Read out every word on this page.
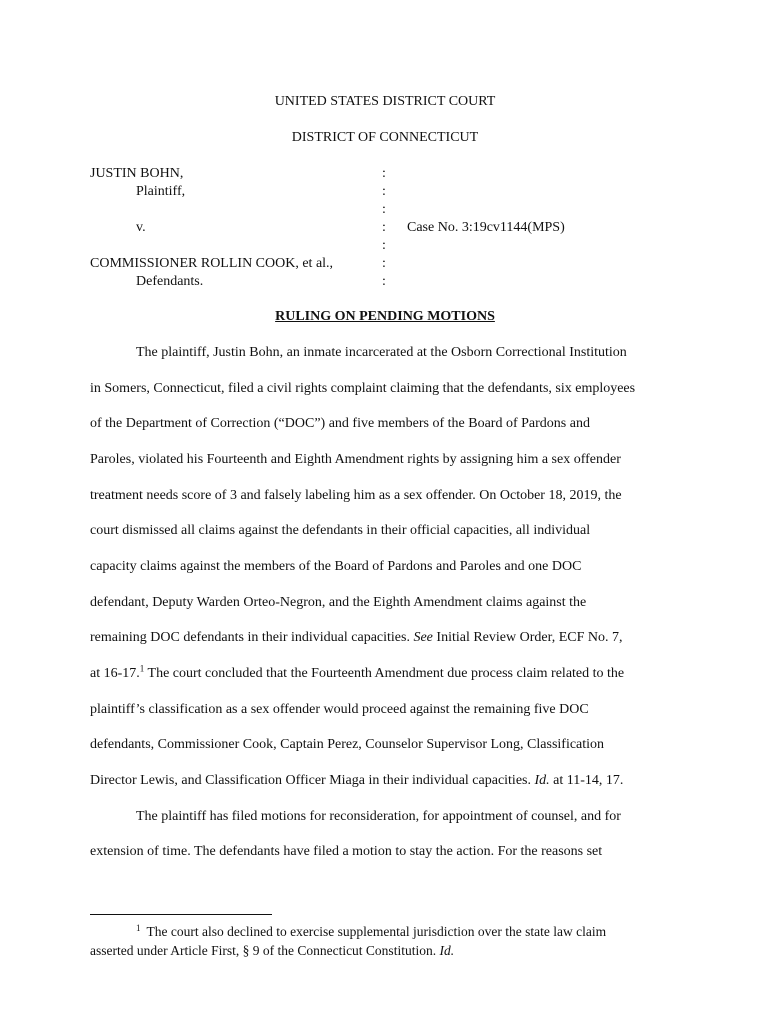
UNITED STATES DISTRICT COURT
DISTRICT OF CONNECTICUT
JUSTIN BOHN,
Plaintiff,
v.
COMMISSIONER ROLLIN COOK, et al.,
Defendants.
:
:
:
:
:
:
:
Case No. 3:19cv1144(MPS)
RULING ON PENDING MOTIONS
The plaintiff, Justin Bohn, an inmate incarcerated at the Osborn Correctional Institution
in Somers, Connecticut, filed a civil rights complaint claiming that the defendants, six employees
of the Department of Correction (“DOC”) and five members of the Board of Pardons and
Paroles, violated his Fourteenth and Eighth Amendment rights by assigning him a sex offender
treatment needs score of 3 and falsely labeling him as a sex offender. On October 18, 2019, the
court dismissed all claims against the defendants in their official capacities, all individual
capacity claims against the members of the Board of Pardons and Paroles and one DOC
defendant, Deputy Warden Orteo-Negron, and the Eighth Amendment claims against the
remaining DOC defendants in their individual capacities. See Initial Review Order, ECF No. 7,
at 16-17.$^1$ The court concluded that the Fourteenth Amendment due process claim related to the
plaintiff’s classification as a sex offender would proceed against the remaining five DOC
defendants, Commissioner Cook, Captain Perez, Counselor Supervisor Long, Classification
Director Lewis, and Classification Officer Miaga in their individual capacities. Id. at 11-14, 17.
The plaintiff has filed motions for reconsideration, for appointment of counsel, and for
extension of time. The defendants have filed a motion to stay the action. For the reasons set
$^1$ The court also declined to exercise supplemental jurisdiction over the state law claim
asserted under Article First, § 9 of the Connecticut Constitution. Id.
